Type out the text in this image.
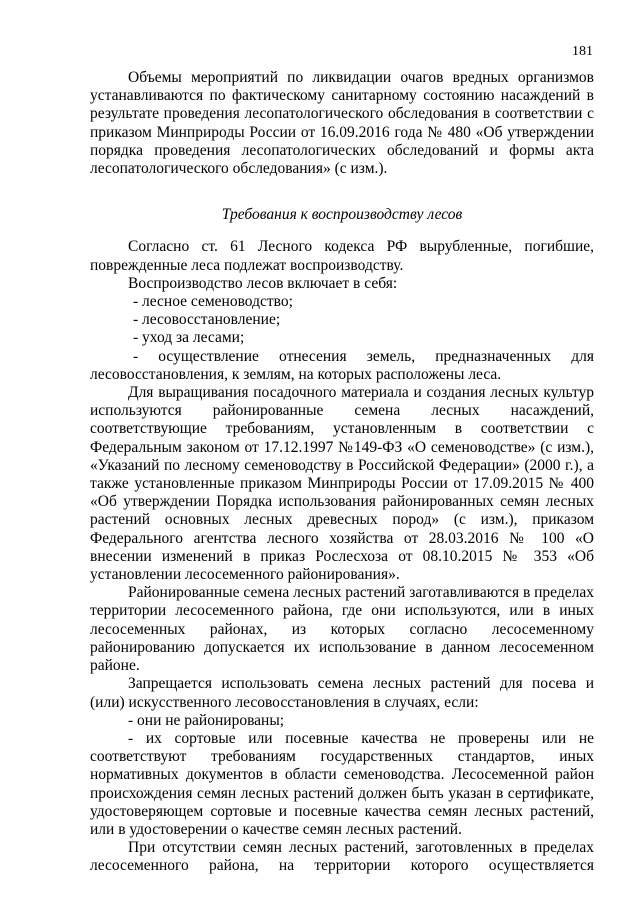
181

Объемы мероприятий по ликвидации очагов вредных организмов устанавливаются по фактическому санитарному состоянию насаждений в результате проведения лесопатологического обследования в соответствии с приказом Минприроды России от 16.09.2016 года № 480 «Об утверждении порядка проведения лесопатологических обследований и формы акта лесопатологического обследования» (с изм.).

Требования к воспроизводству лесов

Согласно ст. 61 Лесного кодекса РФ вырубленные, погибшие, поврежденные леса подлежат воспроизводству.

Воспроизводство лесов включает в себя:

- лесное семеноводство;

- лесовосстановление;

- уход за лесами;

- осуществление отнесения земель, предназначенных для

лесовосстановления, к землям, на которых расположены леса.

Для выращивания посадочного материала и создания лесных культур используются районированные семена лесных насаждений, соответствующие требованиям, установленным в соответствии с Федеральным законом от 17.12.1997 №149-ФЗ «О семеноводстве» (с изм.), «Указаний по лесному семеноводству в Российской Федерации» (2000 г.), а также установленные приказом Минприроды России от 17.09.2015 № 400 «Об утверждении Порядка использования районированных семян лесных растений основных лесных древесных пород» (с изм.), приказом Федерального агентства лесного хозяйства от 28.03.2016 № 100 «О внесении изменений в приказ Рослесхоза от 08.10.2015 № 353 «Об установлении лесосеменного районирования».

Районированные семена лесных растений заготавливаются в пределах территории лесосеменного района, где они используются, или в иных лесосеменных районах, из которых согласно лесосеменному районированию допускается их использование в данном лесосеменном районе.

Запрещается использовать семена лесных растений для посева и (или) искусственного лесовосстановления в случаях, если:

- они не районированы;

- их сортовые или посевные качества не проверены или не соответствуют требованиям государственных стандартов, иных нормативных документов в области семеноводства. Лесосеменной район происхождения семян лесных растений должен быть указан в сертификате, удостоверяющем сортовые и посевные качества семян лесных растений, или в удостоверении о качестве семян лесных растений.

При отсутствии семян лесных растений, заготовленных в пределах лесосеменного района, на территории которого осуществляется
